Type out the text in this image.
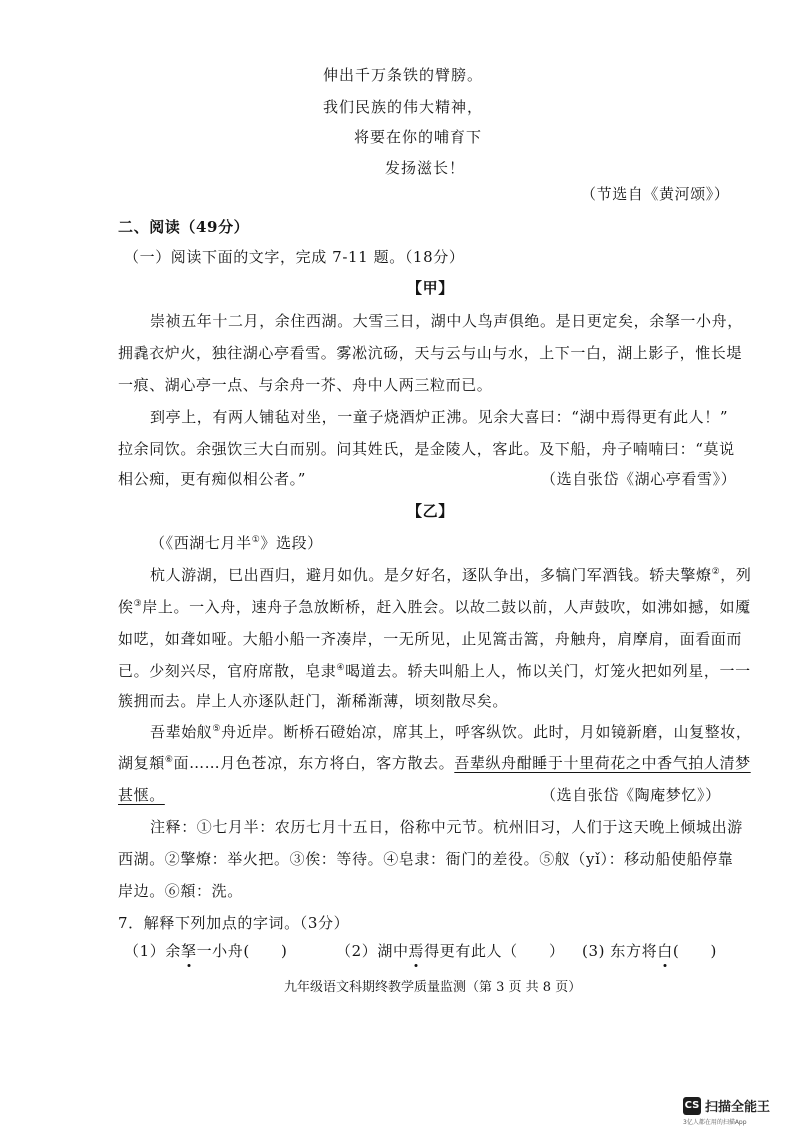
伸出千万条铁的臂膀。
我们民族的伟大精神，
将要在你的哺育下
发扬滋长！
（节选自《黄河颂》）
二、阅读（49分）
（一）阅读下面的文字，完成 7-11 题。（18分）
【甲】
崇祯五年十二月，余住西湖。大雪三日，湖中人鸟声俱绝。是日更定矣，余拏一小舟，
拥毳衣炉火，独往湖心亭看雪。雾凇沆砀，天与云与山与水，上下一白，湖上影子，惟长堤
一痕、湖心亭一点、与余舟一芥、舟中人两三粒而已。
到亭上，有两人铺毡对坐，一童子烧酒炉正沸。见余大喜曰：“湖中焉得更有此人！”
拉余同饮。余强饮三大白而别。问其姓氏，是金陵人，客此。及下船，舟子喃喃曰：“莫说
相公痴，更有痴似相公者。”	（选自张岱《湖心亭看雪》）
【乙】
（《西湖七月半①》选段）
杭人游湖，巳出酉归，避月如仇。是夕好名，逐队争出，多犒门军酒钱。轿夫擎燎②，列
俟③岸上。一入舟，速舟子急放断桥，赶入胜会。以故二鼓以前，人声鼓吹，如沸如撼，如魇
如呓，如聋如哑。大船小船一齐凑岸，一无所见，止见篙击篙，舟触舟，肩摩肩，面看面而
已。少刻兴尽，官府席散，皂隶④喝道去。轿夫叫船上人，怖以关门，灯笼火把如列星，一一
簇拥而去。岸上人亦逐队赶门，渐稀渐薄，顷刻散尽矣。
吾辈始舣⑤舟近岸。断桥石磴始凉，席其上，呼客纵饮。此时，月如镜新磨，山复整妆，
湖复頮⑥面……月色苍凉，东方将白，客方散去。吾辈纵舟酣睡于十里荷花之中香气拍人清梦
甚惬。	（选自张岱《陶庵梦忆》）
注释：①七月半：农历七月十五日，俗称中元节。杭州旧习，人们于这天晚上倾城出游
西湖。②擎燎：举火把。③俟：等待。④皂隶：衙门的差役。⑤舣（yǐ）：移动船使船停靠
岸边。⑥頮：洗。
7．解释下列加点的字词。（3分）
（1）余拏一小舟(　　)	（2）湖中焉得更有此人（　　） (3) 东方将白(　　)
九年级语文科期终教学质量监测（第 3 页 共 8 页）
CS 扫描全能王
3亿人都在用的扫描App
